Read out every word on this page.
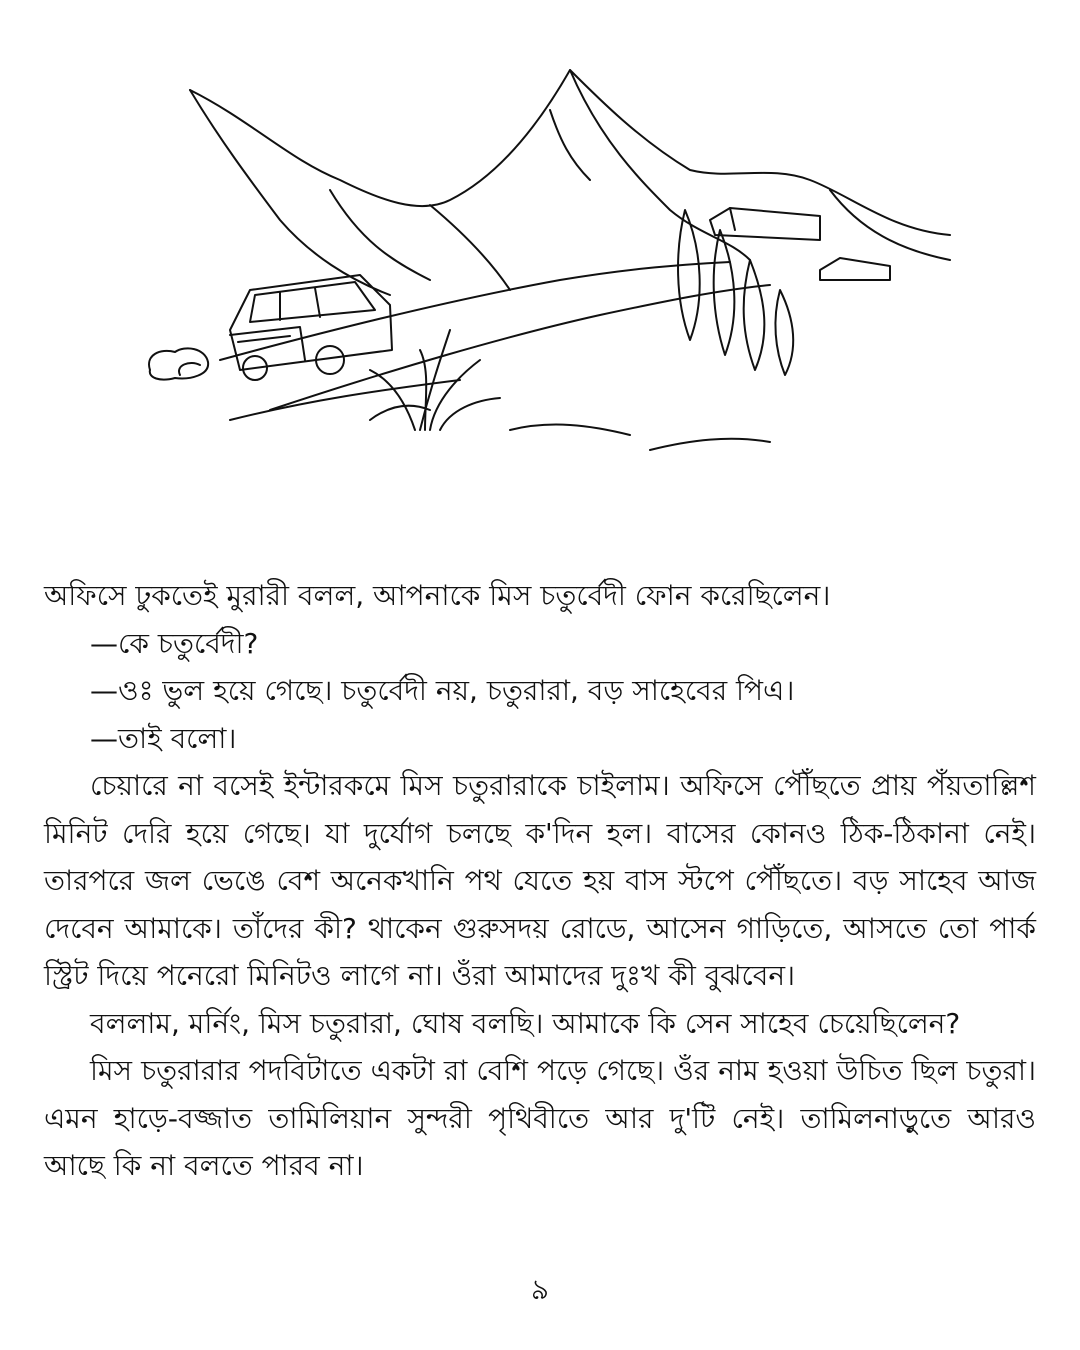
অফিসে ঢুকতেই মুরারী বলল, আপনাকে মিস চতুর্বেদী ফোন করেছিলেন।

—কে চতুর্বেদী?

—ওঃ ভুল হয়ে গেছে। চতুর্বেদী নয়, চতুরারা, বড় সাহেবের পিএ।

—তাই বলো।

চেয়ারে না বসেই ইন্টারকমে মিস চতুরারাকে চাইলাম। অফিসে পৌঁছতে প্রায় পঁয়তাল্লিশ মিনিট দেরি হয়ে গেছে। যা দুর্যোগ চলছে ক'দিন হল। বাসের কোনও ঠিক-ঠিকানা নেই। তারপরে জল ভেঙে বেশ অনেকখানি পথ যেতে হয় বাস স্টপে পৌঁছতে। বড় সাহেব আজ দেবেন আমাকে। তাঁদের কী? থাকেন গুরুসদয় রোডে, আসেন গাড়িতে, আসতে তো পার্ক স্ট্রিট দিয়ে পনেরো মিনিটও লাগে না। ওঁরা আমাদের দুঃখ কী বুঝবেন।

বললাম, মর্নিং, মিস চতুরারা, ঘোষ বলছি। আমাকে কি সেন সাহেব চেয়েছিলেন?

মিস চতুরারার পদবিটাতে একটা রা বেশি পড়ে গেছে। ওঁর নাম হওয়া উচিত ছিল চতুরা। এমন হাড়ে-বজ্জাত তামিলিয়ান সুন্দরী পৃথিবীতে আর দু'টি নেই। তামিলনাড়ুতে আরও আছে কি না বলতে পারব না।

৯
